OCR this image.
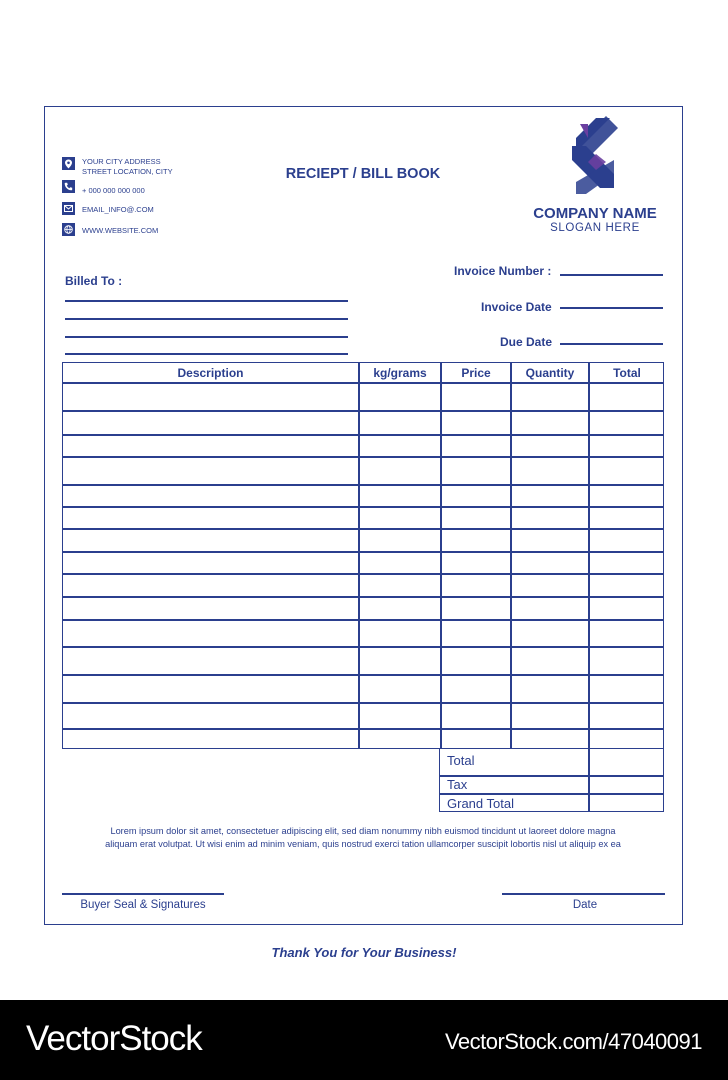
YOUR CITY ADDRESS
STREET LOCATION, CITY
+ 000 000 000 000
EMAIL_INFO@.COM
WWW.WEBSITE.COM
RECIEPT / BILL BOOK
COMPANY NAME
SLOGAN HERE
Billed To :
Invoice Number :
Invoice Date
Due Date
Description	kg/grams	Price	Quantity	Total
Total
Tax
Grand Total
Lorem ipsum dolor sit amet, consectetuer adipiscing elit, sed diam nonummy nibh euismod tincidunt ut laoreet dolore magna
aliquam erat volutpat. Ut wisi enim ad minim veniam, quis nostrud exerci tation ullamcorper suscipit lobortis nisl ut aliquip ex ea
Buyer Seal & Signatures	Date
Thank You for Your Business!
VectorStock	VectorStock.com/47040091
